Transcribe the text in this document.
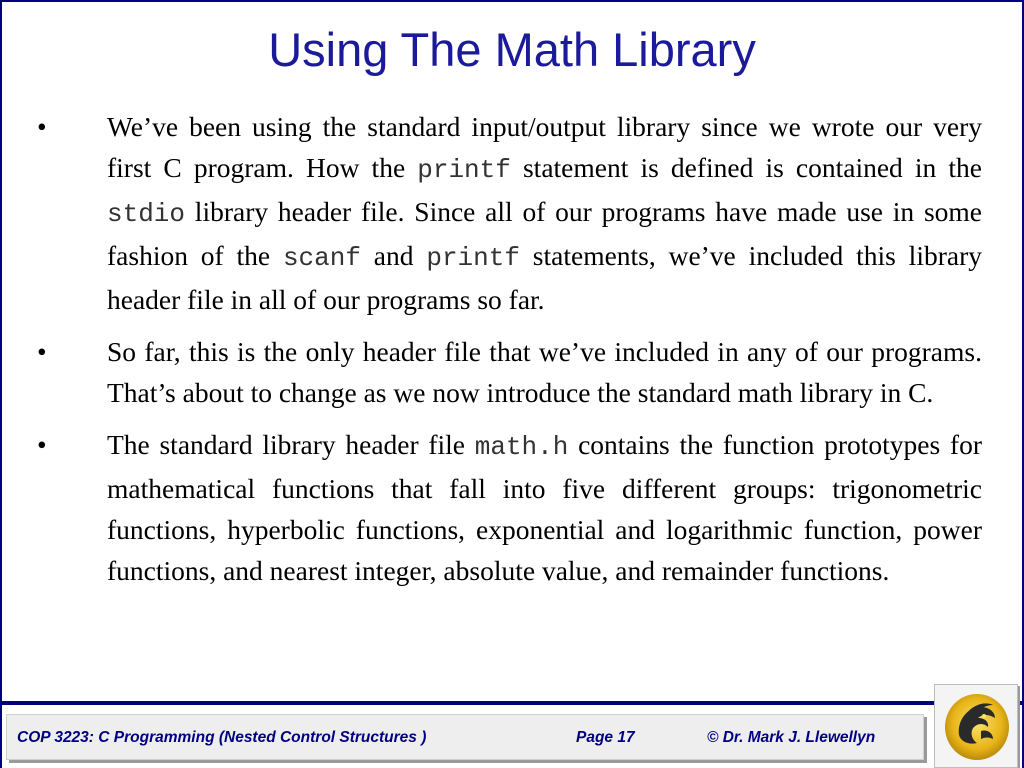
Using The Math Library
• We’ve been using the standard input/output library since we wrote our very first C program. How the printf statement is defined is contained in the stdio library header file. Since all of our programs have made use in some fashion of the scanf and printf statements, we’ve included this library header file in all of our programs so far.
• So far, this is the only header file that we’ve included in any of our programs. That’s about to change as we now introduce the standard math library in C.
• The standard library header file math.h contains the function prototypes for mathematical functions that fall into five different groups: trigonometric functions, hyperbolic functions, exponential and logarithmic function, power functions, and nearest integer, absolute value, and remainder functions.
COP 3223: C Programming (Nested Control Structures )	Page 17	© Dr. Mark J. Llewellyn
